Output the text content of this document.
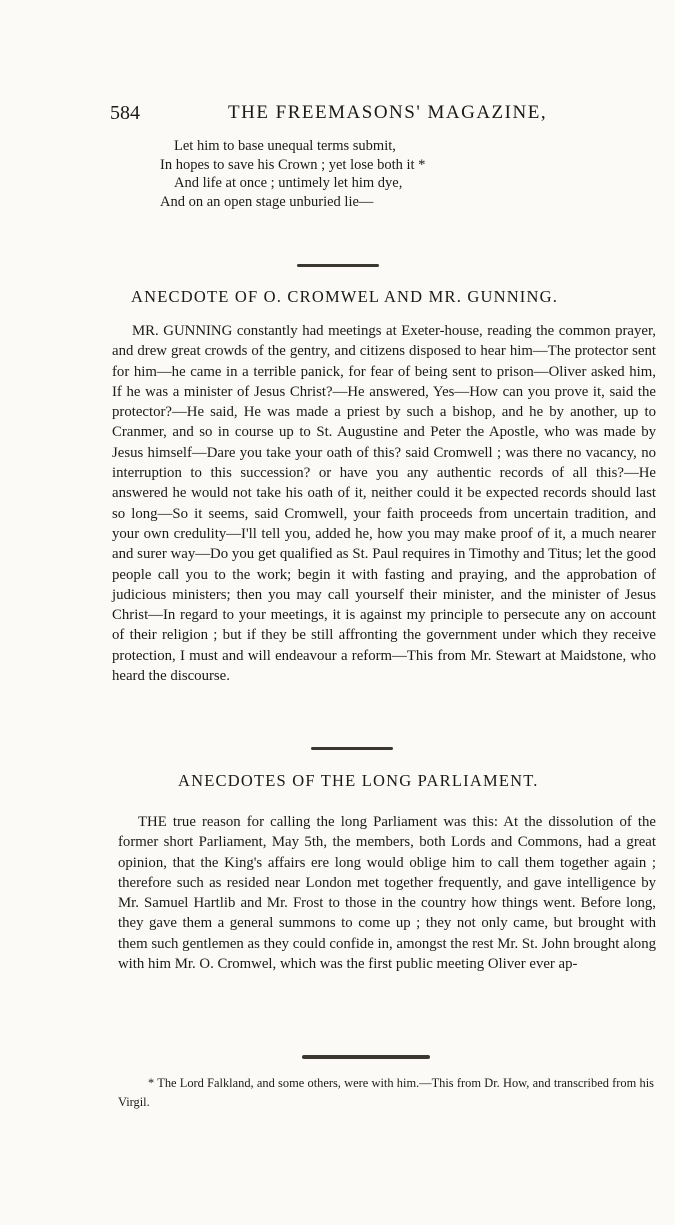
584	THE FREEMASONS' MAGAZINE,
Let him to base unequal terms submit,
In hopes to save his Crown ; yet lose both it *
And life at once ; untimely let him dye,
And on an open stage unburied lie—
ANECDOTE OF O. CROMWEL AND MR. GUNNING.

MR. GUNNING constantly had meetings at Exeter-house, reading the common prayer, and drew great crowds of the gentry, and citizens disposed to hear him—The protector sent for him—he came in a terrible panick, for fear of being sent to prison—Oliver asked him, If he was a minister of Jesus Christ?—He answered, Yes—How can you prove it, said the protector?—He said, He was made a priest by such a bishop, and he by another, up to Cranmer, and so in course up to St. Augustine and Peter the Apostle, who was made by Jesus himself—Dare you take your oath of this? said Cromwell ; was there no vacancy, no interruption to this succession? or have you any authentic records of all this?—He answered he would not take his oath of it, neither could it be expected records should last so long—So it seems, said Cromwell, your faith proceeds from uncertain tradition, and your own credulity—I'll tell you, added he, how you may make proof of it, a much nearer and surer way—Do you get qualified as St. Paul requires in Timothy and Titus; let the good people call you to the work; begin it with fasting and praying, and the approbation of judicious ministers; then you may call yourself their minister, and the minister of Jesus Christ—In regard to your meetings, it is against my principle to persecute any on account of their religion ; but if they be still affronting the government under which they receive protection, I must and will endeavour a reform—This from Mr. Stewart at Maidstone, who heard the discourse.

ANECDOTES OF THE LONG PARLIAMENT.

THE true reason for calling the long Parliament was this: At the dissolution of the former short Parliament, May 5th, the members, both Lords and Commons, had a great opinion, that the King's affairs ere long would oblige him to call them together again ; therefore such as resided near London met together frequently, and gave intelligence by Mr. Samuel Hartlib and Mr. Frost to those in the country how things went. Before long, they gave them a general summons to come up ; they not only came, but brought with them such gentlemen as they could confide in, amongst the rest Mr. St. John brought along with him Mr. O. Cromwel, which was the first public meeting Oliver ever ap-

* The Lord Falkland, and some others, were with him.—This from Dr. How, and transcribed from his Virgil.
